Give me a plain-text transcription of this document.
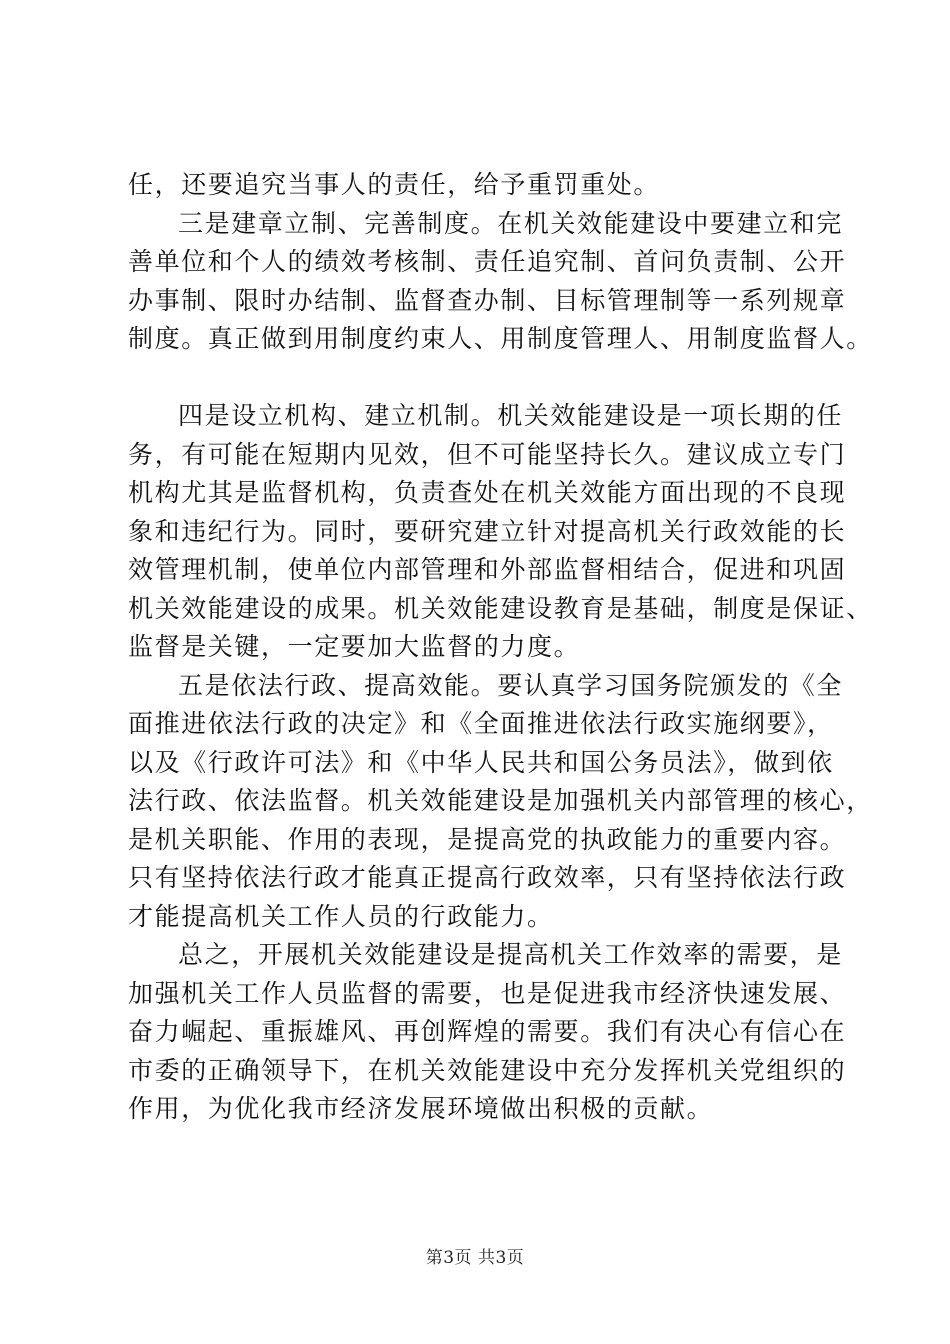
任，还要追究当事人的责任，给予重罚重处。
三是建章立制、完善制度。在机关效能建设中要建立和完
善单位和个人的绩效考核制、责任追究制、首问负责制、公开
办事制、限时办结制、监督查办制、目标管理制等一系列规章
制度。真正做到用制度约束人、用制度管理人、用制度监督人。
四是设立机构、建立机制。机关效能建设是一项长期的任
务，有可能在短期内见效，但不可能坚持长久。建议成立专门
机构尤其是监督机构，负责查处在机关效能方面出现的不良现
象和违纪行为。同时，要研究建立针对提高机关行政效能的长
效管理机制，使单位内部管理和外部监督相结合，促进和巩固
机关效能建设的成果。机关效能建设教育是基础，制度是保证、
监督是关键，一定要加大监督的力度。
五是依法行政、提高效能。要认真学习国务院颁发的《全
面推进依法行政的决定》和《全面推进依法行政实施纲要》，
以及《行政许可法》和《中华人民共和国公务员法》，做到依
法行政、依法监督。机关效能建设是加强机关内部管理的核心，
是机关职能、作用的表现，是提高党的执政能力的重要内容。
只有坚持依法行政才能真正提高行政效率，只有坚持依法行政
才能提高机关工作人员的行政能力。
总之，开展机关效能建设是提高机关工作效率的需要，是
加强机关工作人员监督的需要，也是促进我市经济快速发展、
奋力崛起、重振雄风、再创辉煌的需要。我们有决心有信心在
市委的正确领导下，在机关效能建设中充分发挥机关党组织的
作用，为优化我市经济发展环境做出积极的贡献。
第3页 共3页
